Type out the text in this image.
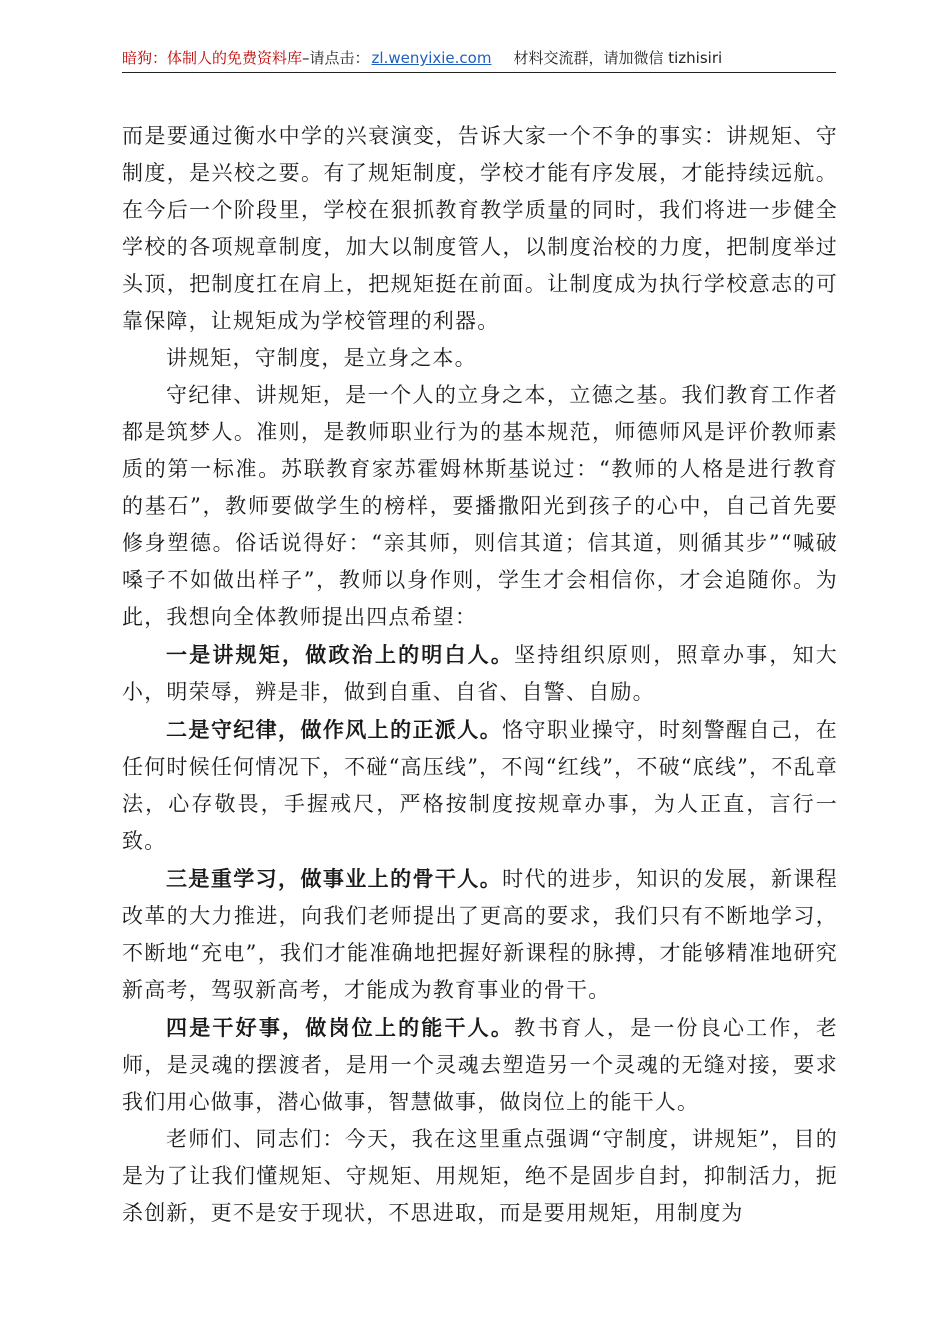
暗狗：体制人的免费资料库–请点击： zl.wenyixie.com 材料交流群，请加微信 tizhisiri

而是要通过衡水中学的兴衰演变，告诉大家一个不争的事实：讲规矩、守制度，是兴校之要。有了规矩制度，学校才能有序发展，才能持续远航。在今后一个阶段里，学校在狠抓教育教学质量的同时，我们将进一步健全学校的各项规章制度，加大以制度管人，以制度治校的力度，把制度举过头顶，把制度扛在肩上，把规矩挺在前面。让制度成为执行学校意志的可靠保障，让规矩成为学校管理的利器。

讲规矩，守制度，是立身之本。

守纪律、讲规矩，是一个人的立身之本，立德之基。我们教育工作者都是筑梦人。准则，是教师职业行为的基本规范，师德师风是评价教师素质的第一标准。苏联教育家苏霍姆林斯基说过：“教师的人格是进行教育的基石”，教师要做学生的榜样，要播撒阳光到孩子的心中，自己首先要修身塑德。俗话说得好：“亲其师，则信其道；信其道，则循其步”“喊破嗓子不如做出样子”，教师以身作则，学生才会相信你，才会追随你。为此，我想向全体教师提出四点希望：

一是讲规矩，做政治上的明白人。坚持组织原则，照章办事，知大小，明荣辱，辨是非，做到自重、自省、自警、自励。

二是守纪律，做作风上的正派人。恪守职业操守，时刻警醒自己，在任何时候任何情况下，不碰“高压线”，不闯“红线”，不破“底线”，不乱章法，心存敬畏，手握戒尺，严格按制度按规章办事，为人正直，言行一致。

三是重学习，做事业上的骨干人。时代的进步，知识的发展，新课程改革的大力推进，向我们老师提出了更高的要求，我们只有不断地学习，不断地“充电”，我们才能准确地把握好新课程的脉搏，才能够精准地研究新高考，驾驭新高考，才能成为教育事业的骨干。

四是干好事，做岗位上的能干人。教书育人，是一份良心工作，老师，是灵魂的摆渡者，是用一个灵魂去塑造另一个灵魂的无缝对接，要求我们用心做事，潜心做事，智慧做事，做岗位上的能干人。

老师们、同志们：今天，我在这里重点强调“守制度，讲规矩”，目的是为了让我们懂规矩、守规矩、用规矩，绝不是固步自封，抑制活力，扼杀创新，更不是安于现状，不思进取，而是要用规矩，用制度为
